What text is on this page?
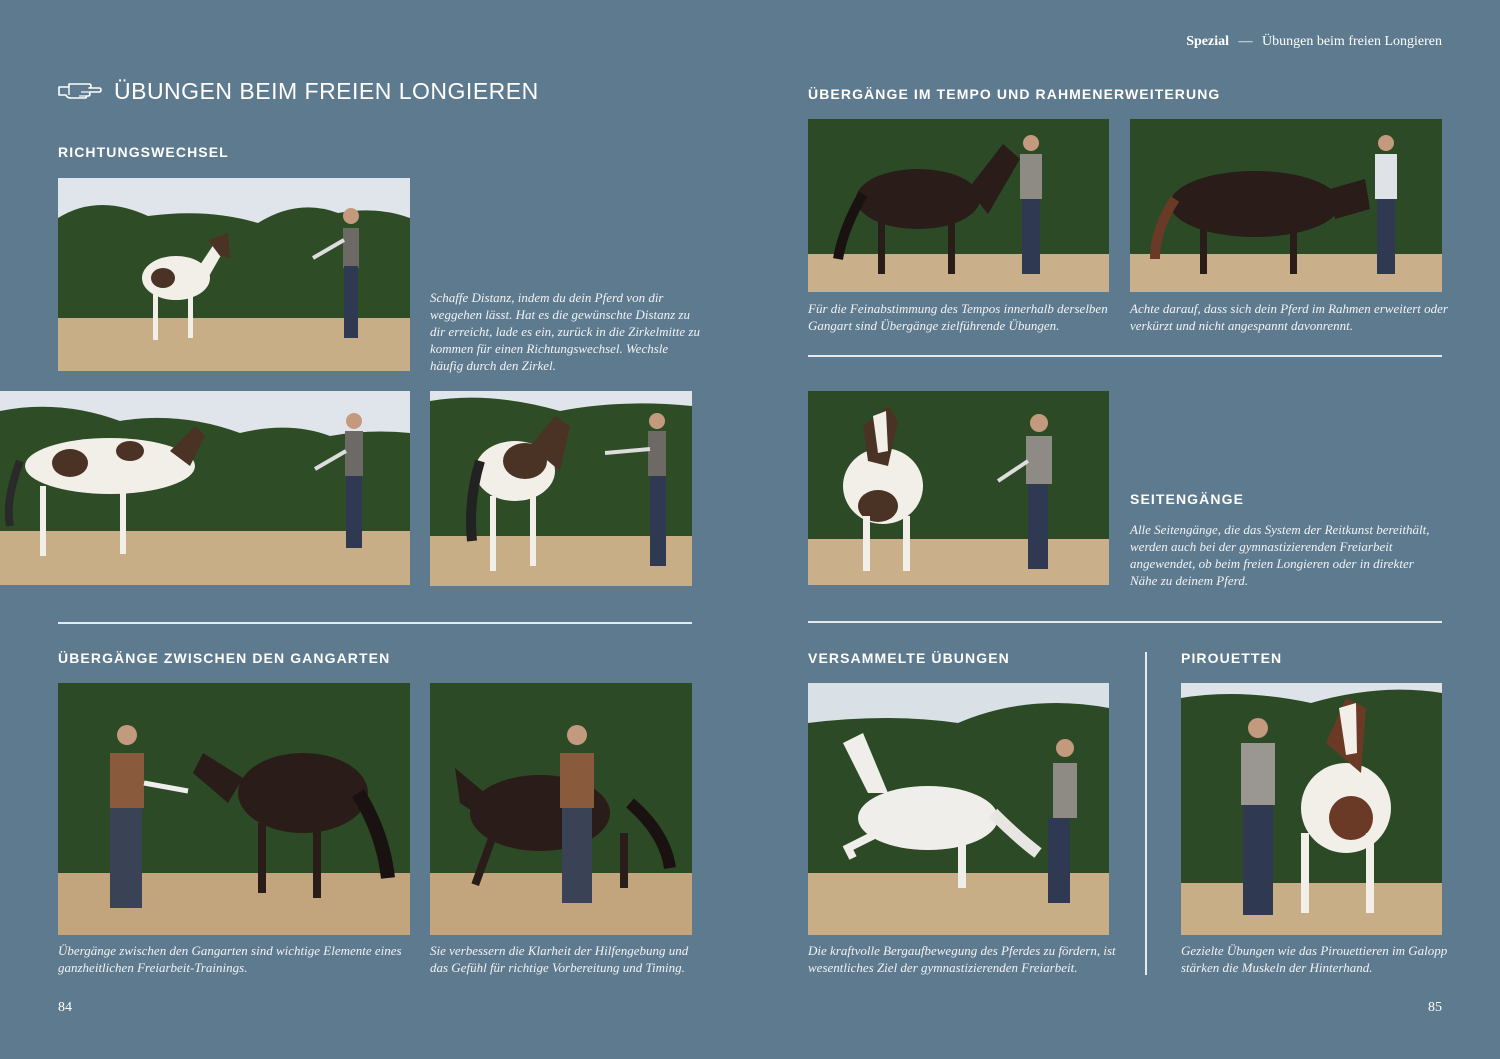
Spezial — Übungen beim freien Longieren
ÜBUNGEN BEIM FREIEN LONGIEREN
RICHTUNGSWECHSEL
Schaffe Distanz, indem du dein Pferd von dir weggehen lässt. Hat es die gewünschte Distanz zu dir erreicht, lade es ein, zurück in die Zirkelmitte zu kommen für einen Richtungswechsel. Wechsle häufig durch den Zirkel.
ÜBERGÄNGE ZWISCHEN DEN GANGARTEN
Übergänge zwischen den Gangarten sind wichtige Elemente eines ganzheitlichen Freiarbeit-Trainings.
Sie verbessern die Klarheit der Hilfengebung und das Gefühl für richtige Vorbereitung und Timing.
84
ÜBERGÄNGE IM TEMPO UND RAHMENERWEITERUNG
Für die Feinabstimmung des Tempos innerhalb derselben Gangart sind Übergänge zielführende Übungen.
Achte darauf, dass sich dein Pferd im Rahmen erweitert oder verkürzt und nicht angespannt davonrennt.
SEITENGÄNGE
Alle Seitengänge, die das System der Reitkunst bereithält, werden auch bei der gymnastizierenden Freiarbeit angewendet, ob beim freien Longieren oder in direkter Nähe zu deinem Pferd.
VERSAMMELTE ÜBUNGEN	PIROUETTEN
Die kraftvolle Bergaufbewegung des Pferdes zu fördern, ist wesentliches Ziel der gymnastizierenden Freiarbeit.
Gezielte Übungen wie das Pirouettieren im Galopp stärken die Muskeln der Hinterhand.
85
